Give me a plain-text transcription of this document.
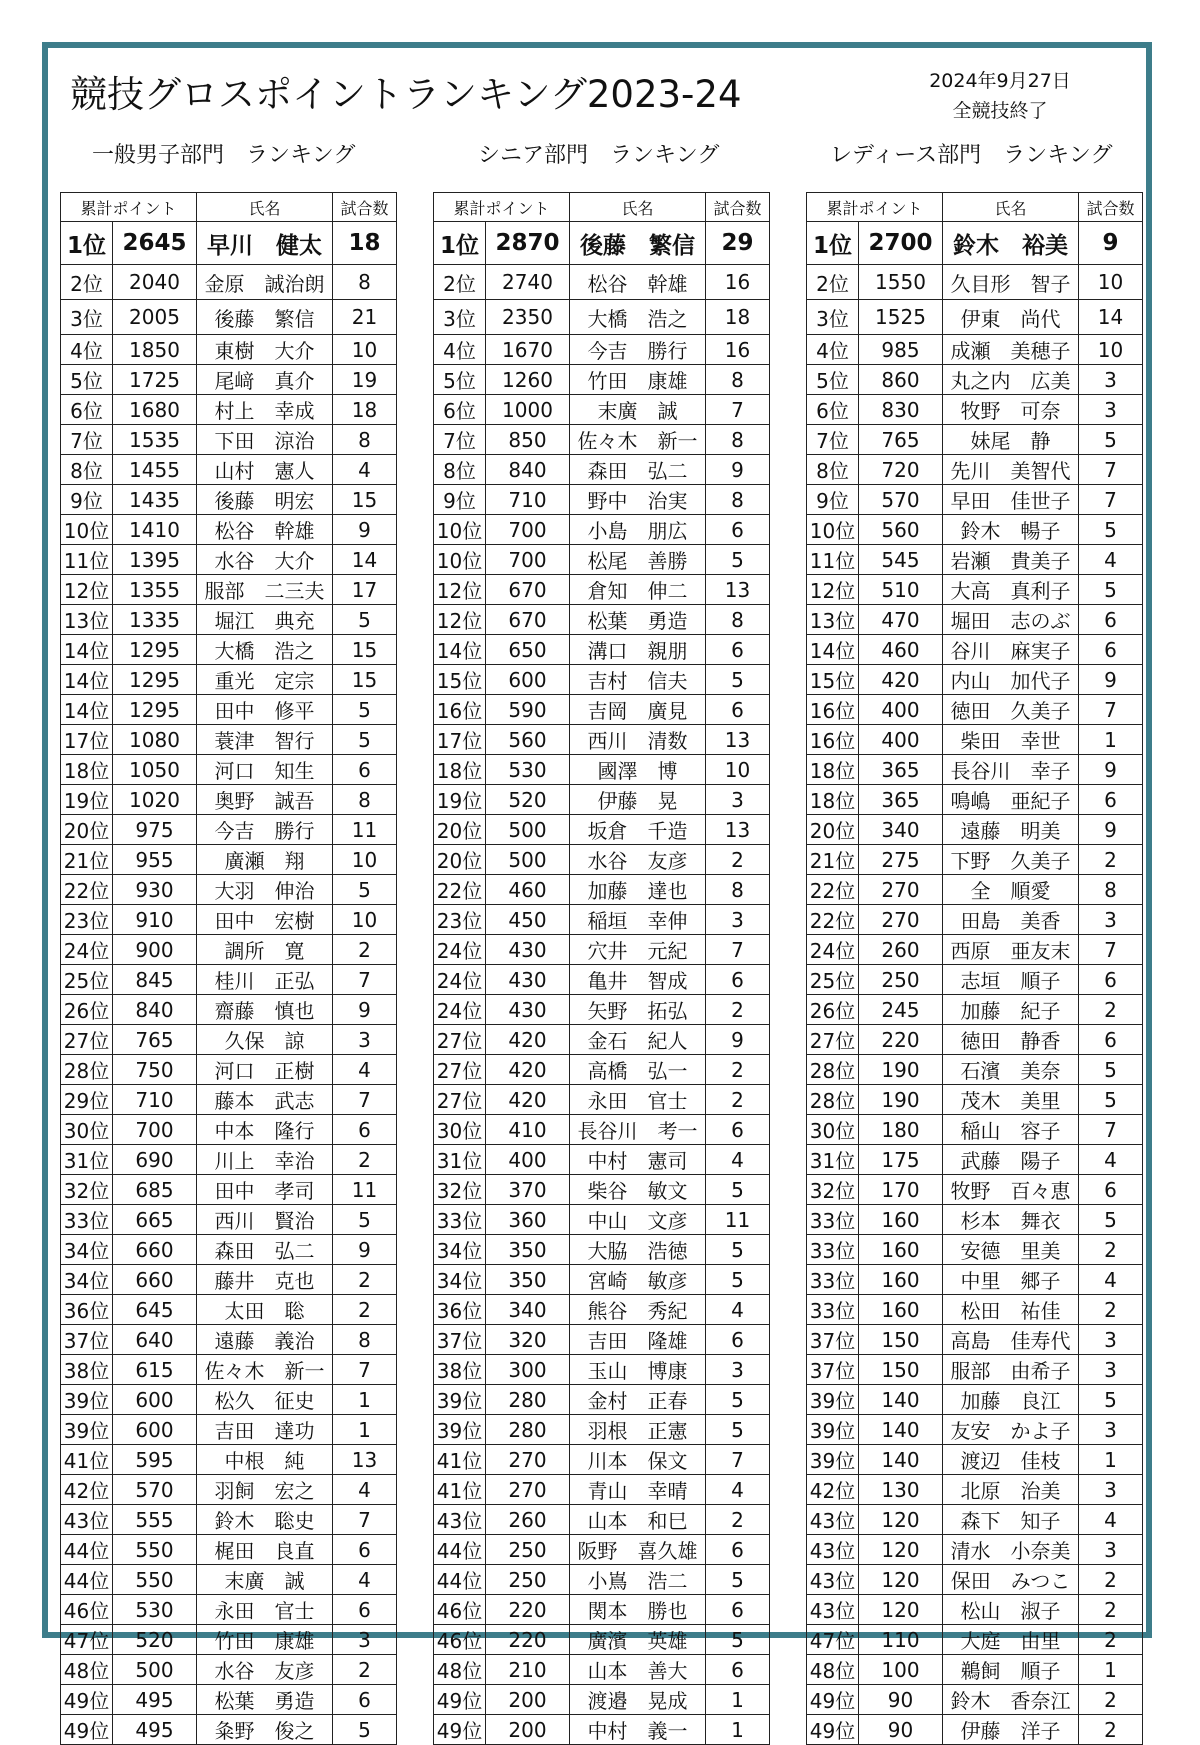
競技グロスポイントランキング2023-24	2024年9月27日
全競技終了
一般男子部門　ランキング	シニア部門　ランキング	レディース部門　ランキング
累計ポイント		氏名	試合数
1位	2645	早川　健太	18
2位	2040	金原　誠治朗	8
3位	2005	後藤　繁信	21
4位	1850	東樹　大介	10
5位	1725	尾﨑　真介	19
6位	1680	村上　幸成	18
7位	1535	下田　涼治	8
8位	1455	山村　憲人	4
9位	1435	後藤　明宏	15
10位	1410	松谷　幹雄	9
11位	1395	水谷　大介	14
12位	1355	服部　二三夫	17
13位	1335	堀江　典充	5
14位	1295	大橋　浩之	15
14位	1295	重光　定宗	15
14位	1295	田中　修平	5
17位	1080	蓑津　智行	5
18位	1050	河口　知生	6
19位	1020	奥野　誠吾	8
20位	975	今吉　勝行	11
21位	955	廣瀬　翔	10
22位	930	大羽　伸治	5
23位	910	田中　宏樹	10
24位	900	調所　寛	2
25位	845	桂川　正弘	7
26位	840	齋藤　慎也	9
27位	765	久保　諒	3
28位	750	河口　正樹	4
29位	710	藤本　武志	7
30位	700	中本　隆行	6
31位	690	川上　幸治	2
32位	685	田中　孝司	11
33位	665	西川　賢治	5
34位	660	森田　弘二	9
34位	660	藤井　克也	2
36位	645	太田　聡	2
37位	640	遠藤　義治	8
38位	615	佐々木　新一	7
39位	600	松久　征史	1
39位	600	吉田　達功	1
41位	595	中根　純	13
42位	570	羽飼　宏之	4
43位	555	鈴木　聡史	7
44位	550	梶田　良直	6
44位	550	末廣　誠	4
46位	530	永田　官士	6
47位	520	竹田　康雄	3
48位	500	水谷　友彦	2
49位	495	松葉　勇造	6
49位	495	粂野　俊之	5
累計ポイント		氏名	試合数
1位	2870	後藤　繁信	29
2位	2740	松谷　幹雄	16
3位	2350	大橋　浩之	18
4位	1670	今吉　勝行	16
5位	1260	竹田　康雄	8
6位	1000	末廣　誠	7
7位	850	佐々木　新一	8
8位	840	森田　弘二	9
9位	710	野中　治実	8
10位	700	小島　朋広	6
10位	700	松尾　善勝	5
12位	670	倉知　伸二	13
12位	670	松葉　勇造	8
14位	650	溝口　親朋	6
15位	600	吉村　信夫	5
16位	590	吉岡　廣見	6
17位	560	西川　清数	13
18位	530	國澤　博	10
19位	520	伊藤　晃	3
20位	500	坂倉　千造	13
20位	500	水谷　友彦	2
22位	460	加藤　達也	8
23位	450	稲垣　幸伸	3
24位	430	穴井　元紀	7
24位	430	亀井　智成	6
24位	430	矢野　拓弘	2
27位	420	金石　紀人	9
27位	420	高橋　弘一	2
27位	420	永田　官士	2
30位	410	長谷川　考一	6
31位	400	中村　憲司	4
32位	370	柴谷　敏文	5
33位	360	中山　文彦	11
34位	350	大脇　浩徳	5
34位	350	宮崎　敏彦	5
36位	340	熊谷　秀紀	4
37位	320	吉田　隆雄	6
38位	300	玉山　博康	3
39位	280	金村　正春	5
39位	280	羽根　正憲	5
41位	270	川本　保文	7
41位	270	青山　幸晴	4
43位	260	山本　和巳	2
44位	250	阪野　喜久雄	6
44位	250	小嶌　浩二	5
46位	220	関本　勝也	6
46位	220	廣濱　英雄	5
48位	210	山本　善大	6
49位	200	渡邉　晃成	1
49位	200	中村　義一	1
累計ポイント		氏名	試合数
1位	2700	鈴木　裕美	9
2位	1550	久目形　智子	10
3位	1525	伊東　尚代	14
4位	985	成瀬　美穂子	10
5位	860	丸之内　広美	3
6位	830	牧野　可奈	3
7位	765	妹尾　静	5
8位	720	先川　美智代	7
9位	570	早田　佳世子	7
10位	560	鈴木　暢子	5
11位	545	岩瀬　貴美子	4
12位	510	大高　真利子	5
13位	470	堀田　志のぶ	6
14位	460	谷川　麻実子	6
15位	420	内山　加代子	9
16位	400	徳田　久美子	7
16位	400	柴田　幸世	1
18位	365	長谷川　幸子	9
18位	365	鳴嶋　亜紀子	6
20位	340	遠藤　明美	9
21位	275	下野　久美子	2
22位	270	全　順愛	8
22位	270	田島　美香	3
24位	260	西原　亜友末	7
25位	250	志垣　順子	6
26位	245	加藤　紀子	2
27位	220	徳田　静香	6
28位	190	石濱　美奈	5
28位	190	茂木　美里	5
30位	180	稲山　容子	7
31位	175	武藤　陽子	4
32位	170	牧野　百々恵	6
33位	160	杉本　舞衣	5
33位	160	安德　里美	2
33位	160	中里　郷子	4
33位	160	松田　祐佳	2
37位	150	高島　佳寿代	3
37位	150	服部　由希子	3
39位	140	加藤　良江	5
39位	140	友安　かよ子	3
39位	140	渡辺　佳枝	1
42位	130	北原　治美	3
43位	120	森下　知子	4
43位	120	清水　小奈美	3
43位	120	保田　みつこ	2
43位	120	松山　淑子	2
47位	110	大庭　由里	2
48位	100	鵜飼　順子	1
49位	90	鈴木　香奈江	2
49位	90	伊藤　洋子	2
